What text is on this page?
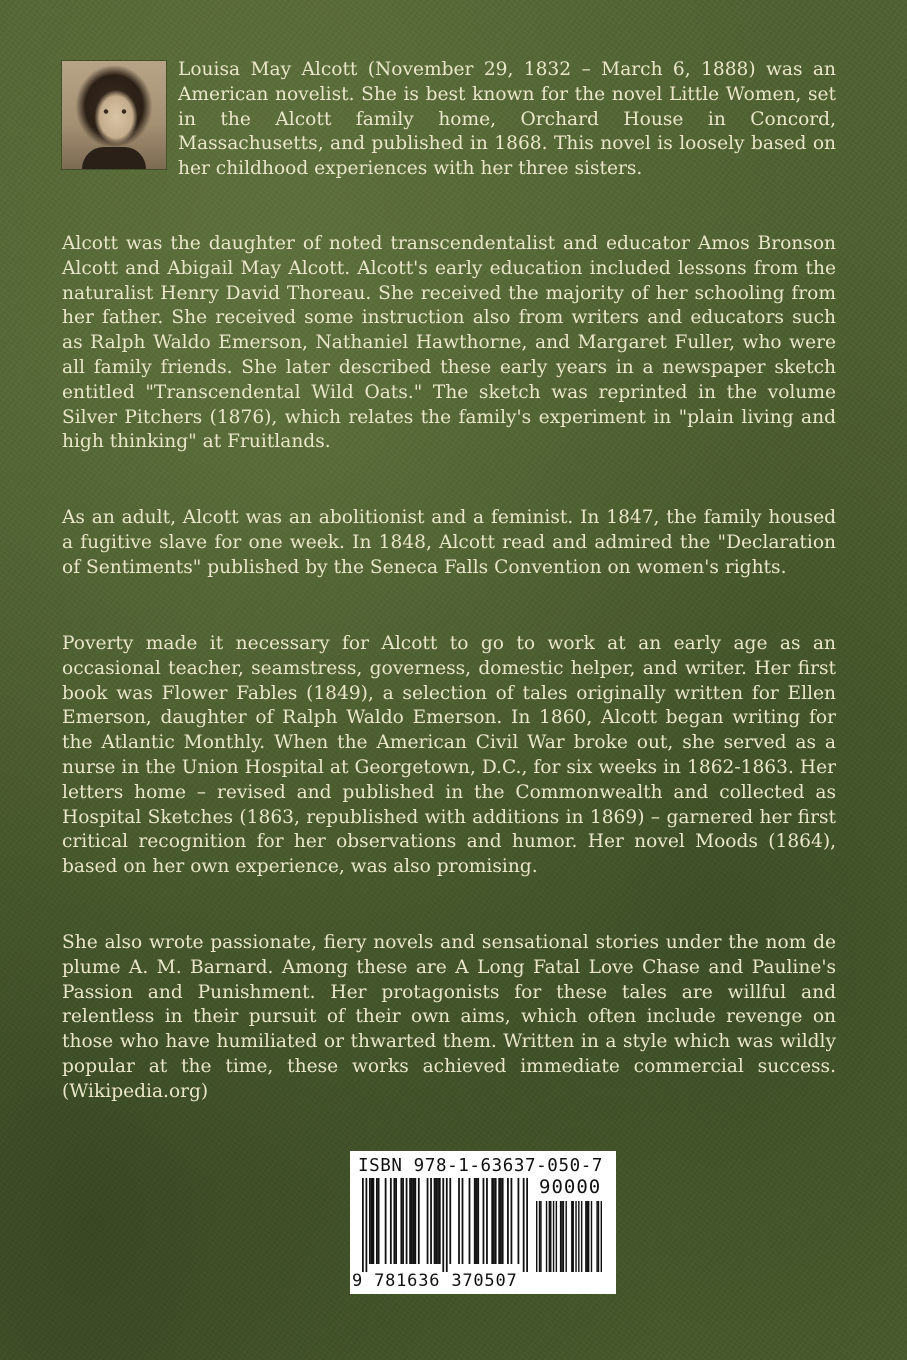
Louisa May Alcott (November 29, 1832 – March 6, 1888) was an American novelist. She is best known for the novel Little Women, set in the Alcott family home, Orchard House in Concord, Massachusetts, and published in 1868. This novel is loosely based on her childhood experiences with her three sisters.

Alcott was the daughter of noted transcendentalist and educator Amos Bronson Alcott and Abigail May Alcott. Alcott's early education included lessons from the naturalist Henry David Thoreau. She received the majority of her schooling from her father. She received some instruction also from writers and educators such as Ralph Waldo Emerson, Nathaniel Hawthorne, and Margaret Fuller, who were all family friends. She later described these early years in a newspaper sketch entitled "Transcendental Wild Oats." The sketch was reprinted in the volume Silver Pitchers (1876), which relates the family's experiment in "plain living and high thinking" at Fruitlands.

As an adult, Alcott was an abolitionist and a feminist. In 1847, the family housed a fugitive slave for one week. In 1848, Alcott read and admired the "Declaration of Sentiments" published by the Seneca Falls Convention on women's rights.

Poverty made it necessary for Alcott to go to work at an early age as an occasional teacher, seamstress, governess, domestic helper, and writer. Her first book was Flower Fables (1849), a selection of tales originally written for Ellen Emerson, daughter of Ralph Waldo Emerson. In 1860, Alcott began writing for the Atlantic Monthly. When the American Civil War broke out, she served as a nurse in the Union Hospital at Georgetown, D.C., for six weeks in 1862-1863. Her letters home – revised and published in the Commonwealth and collected as Hospital Sketches (1863, republished with additions in 1869) – garnered her first critical recognition for her observations and humor. Her novel Moods (1864), based on her own experience, was also promising.

She also wrote passionate, fiery novels and sensational stories under the nom de plume A. M. Barnard. Among these are A Long Fatal Love Chase and Pauline's Passion and Punishment. Her protagonists for these tales are willful and relentless in their pursuit of their own aims, which often include revenge on those who have humiliated or thwarted them. Written in a style which was wildly popular at the time, these works achieved immediate commercial success. (Wikipedia.org)

ISBN 978-1-63637-050-7
90000
9 781636 370507
